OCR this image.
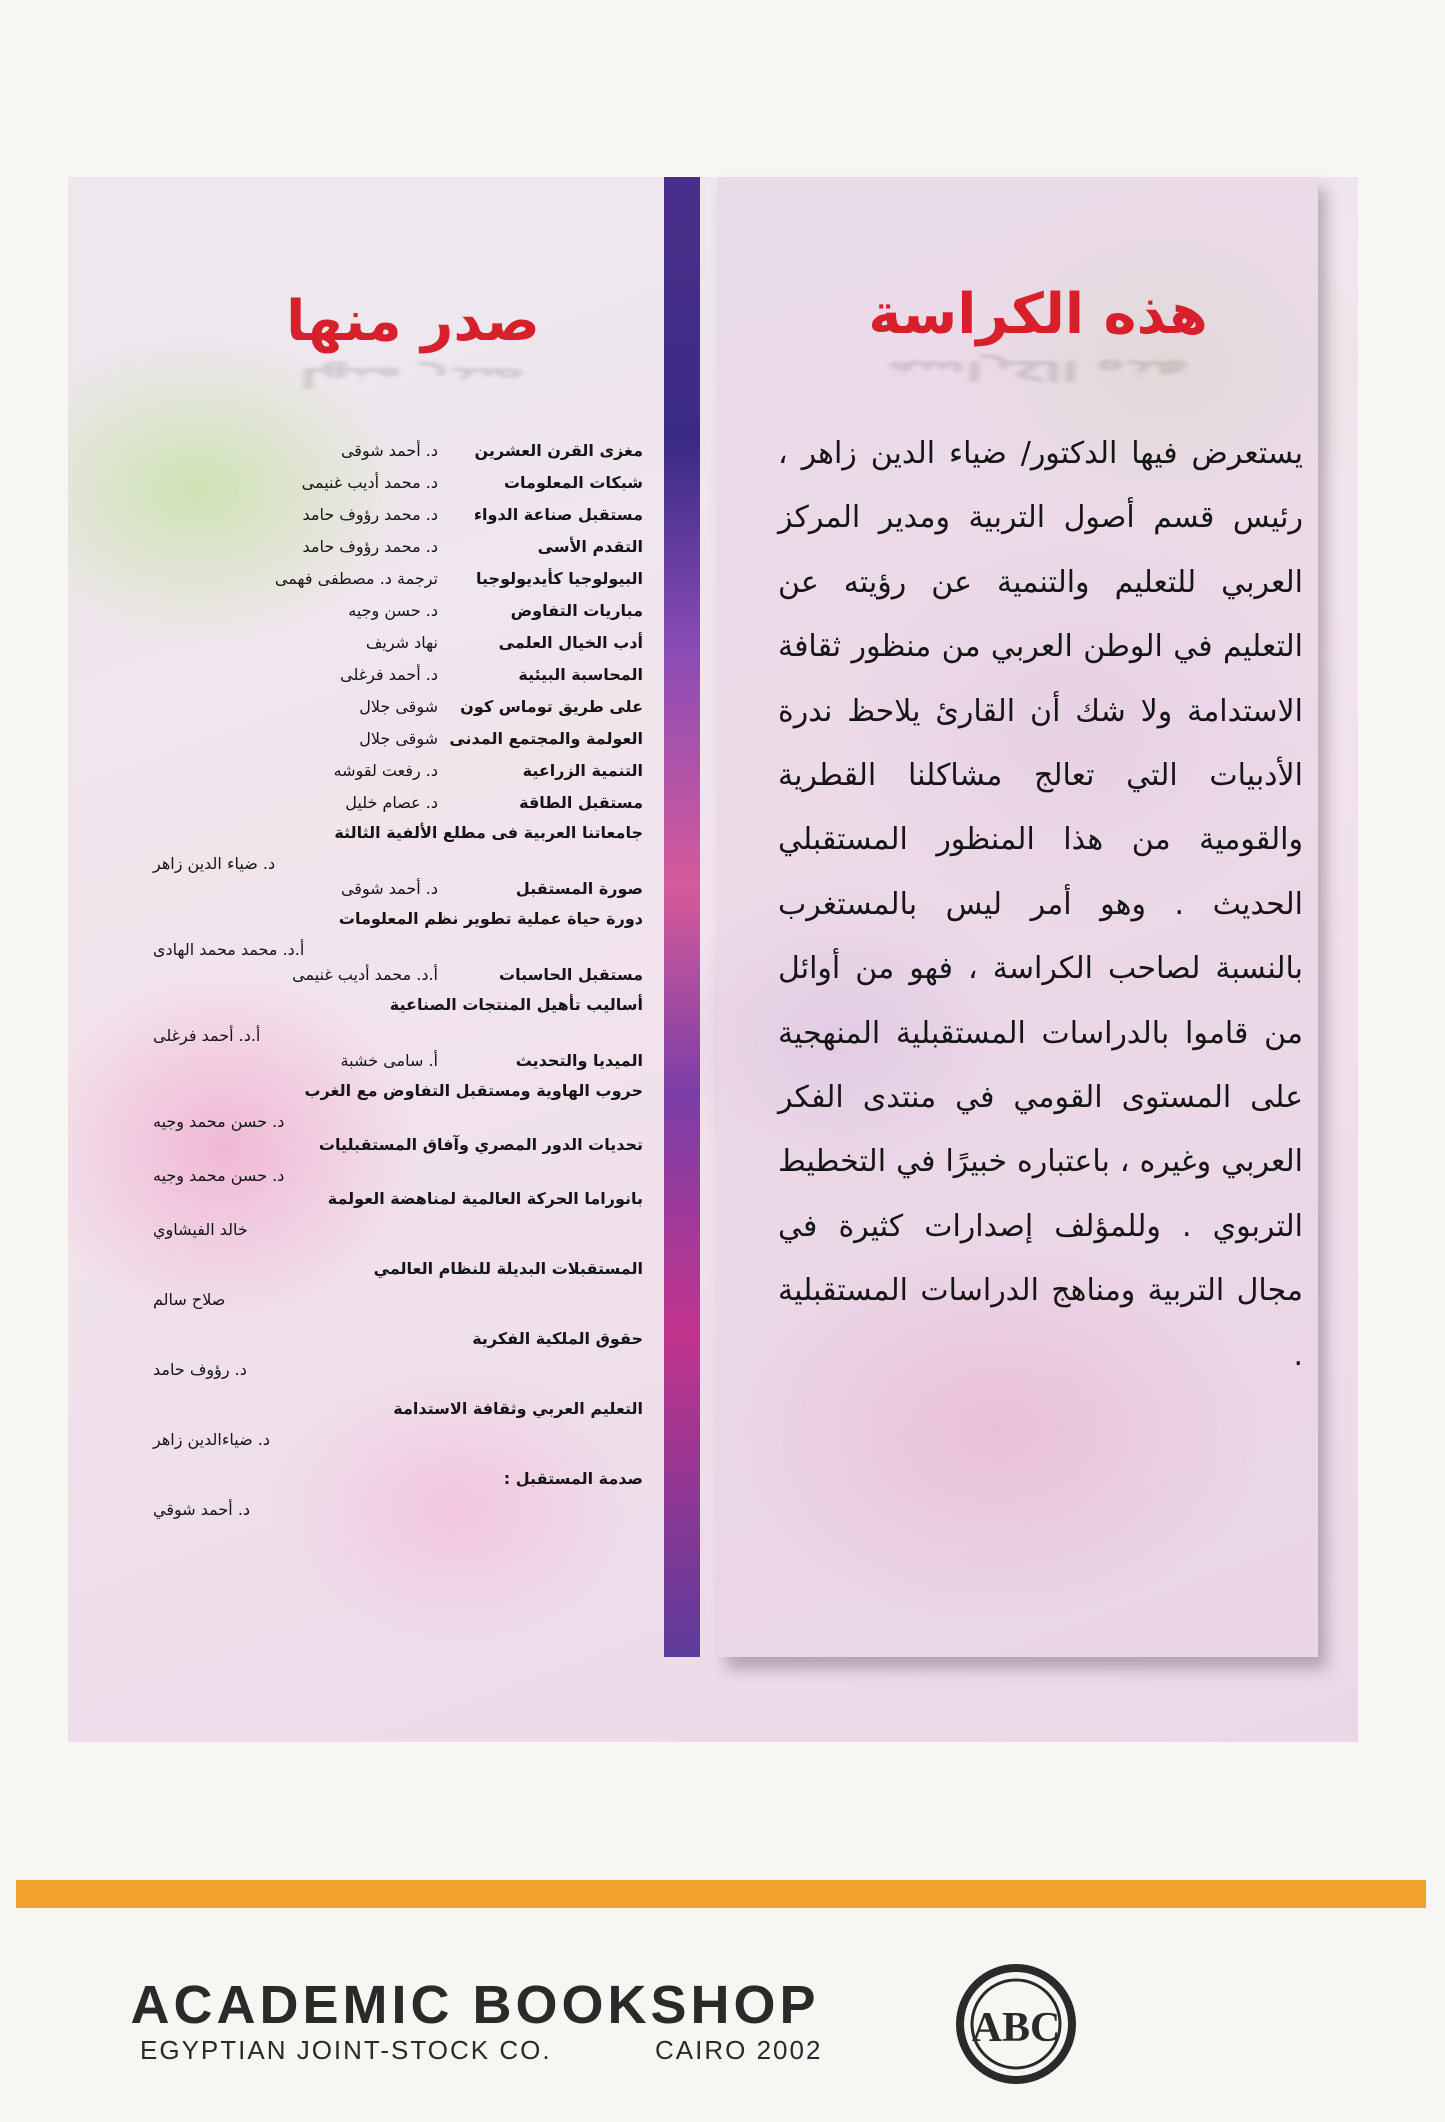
هذه الكراسة

يستعرض فيها الدكتور/ ضياء الدين زاهر ، رئيس قسم أصول التربية ومدير المركز العربي للتعليم والتنمية عن رؤيته عن التعليم في الوطن العربي من منظور ثقافة الاستدامة ولا شك أن القارئ يلاحظ ندرة الأدبيات التي تعالج مشاكلنا القطرية والقومية من هذا المنظور المستقبلي الحديث . وهو أمر ليس بالمستغرب بالنسبة لصاحب الكراسة ، فهو من أوائل من قاموا بالدراسات المستقبلية المنهجية على المستوى القومي في منتدى الفكر العربي وغيره ، باعتباره خبيرًا في التخطيط التربوي . وللمؤلف إصدارات كثيرة في مجال التربية ومناهج الدراسات المستقبلية .

صدر منها
صدر منها
مغزى القرن العشرين
د. أحمد شوقى
شبكات المعلومات
د. محمد أديب غنيمى
مستقبل صناعة الدواء
د. محمد رؤوف حامد
التقدم الأسى
د. محمد رؤوف حامد
البيولوجيا كأيديولوجيا
ترجمة د. مصطفى فهمى
مباريات التفاوض
د. حسن وجيه
أدب الخيال العلمى
نهاد شريف
المحاسبة البيئية
د. أحمد فرغلى
على طريق توماس كون
شوقى جلال
العولمة والمجتمع المدنى
شوقى جلال
التنمية الزراعية
د. رفعت لقوشه
مستقبل الطاقة
د. عصام خليل
جامعاتنا العربية فى مطلع الألفية الثالثة
د. ضياء الدين زاهر
صورة المستقبل
د. أحمد شوقى
دورة حياة عملية تطوير نظم المعلومات
أ.د. محمد محمد الهادى
مستقبل الحاسبات
أ.د. محمد أديب غنيمى
أساليب تأهيل المنتجات الصناعية
أ.د. أحمد فرغلى
الميديا والتحديث
أ. سامى خشبة
حروب الهاوية ومستقبل التفاوض مع الغرب
د. حسن محمد وجيه
تحديات الدور المصري وآفاق المستقبليات
د. حسن محمد وجيه
بانوراما الحركة العالمية لمناهضة العولمة
خالد الفيشاوي
المستقبلات البديلة للنظام العالمي
صلاح سالم
حقوق الملكية الفكرية
د. رؤوف حامد
التعليم العربي وثقافة الاستدامة
د. ضياءالدين زاهر
صدمة المستقبل :
د. أحمد شوقي

ACADEMIC BOOKSHOP

EGYPTIAN JOINT-STOCK CO.	CAIRO 2002	ABC
